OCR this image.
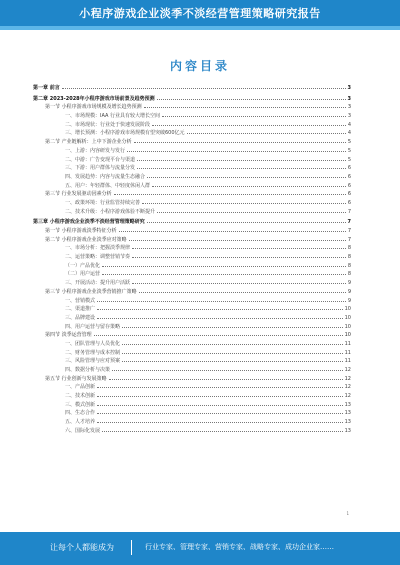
小程序游戏企业淡季不淡经营管理策略研究报告
内容目录
第一章 前言	3
第二章 2023-2028年小程序游戏市场前景及趋势预测	3
第一节 小程序游戏市场规模及增长趋势预测	3
一、市场规模：IAA 行业具有较大增长空间	3
二、市场现状：行业处于快速发展阶段	4
三、增长预测：小程序游戏市场规模有望突破600亿元	4
第二节 产业链解析：上中下游企业分析	5
一、上游：内容研发与发行	5
二、中游：广告变现平台与渠道	5
三、下游：用户群体与流量分发	6
四、发展趋势：内容与流量生态融合	6
五、用户：年轻群体、中轻度休闲人群	6
第三节 行业发展驱动因素分析	6
一、政策环境：行业监管持续完善	6
二、技术升级：小程序游戏体验不断提升	7
第三章 小程序游戏企业淡季不淡经营管理策略研究	7
第一节 小程序游戏淡季特征分析	7
第二节 小程序游戏企业淡季应对策略	7
一、市场分析：把握淡季规律	8
二、运营策略：调整营销节奏	8
（一）产品优化	8
（二）用户运营	8
三、开展活动：提升用户活跃	9
第三节 小程序游戏企业淡季营销推广策略	9
一、营销模式	9
二、渠道推广	10
三、品牌建设	10
四、用户运营与留存策略	10
第四节 淡季运营管理	10
一、团队管理与人员优化	11
二、财务管理与成本控制	11
三、风险管理与应对预案	11
四、数据分析与决策	12
第五节 行业创新与发展策略	12
一、产品创新	12
二、技术创新	12
三、模式创新	13
四、生态合作	13
五、人才培养	13
六、国际化发展	13
1
让每个人都能成为	行业专家、管理专家、营销专家、战略专家、成功企业家……
